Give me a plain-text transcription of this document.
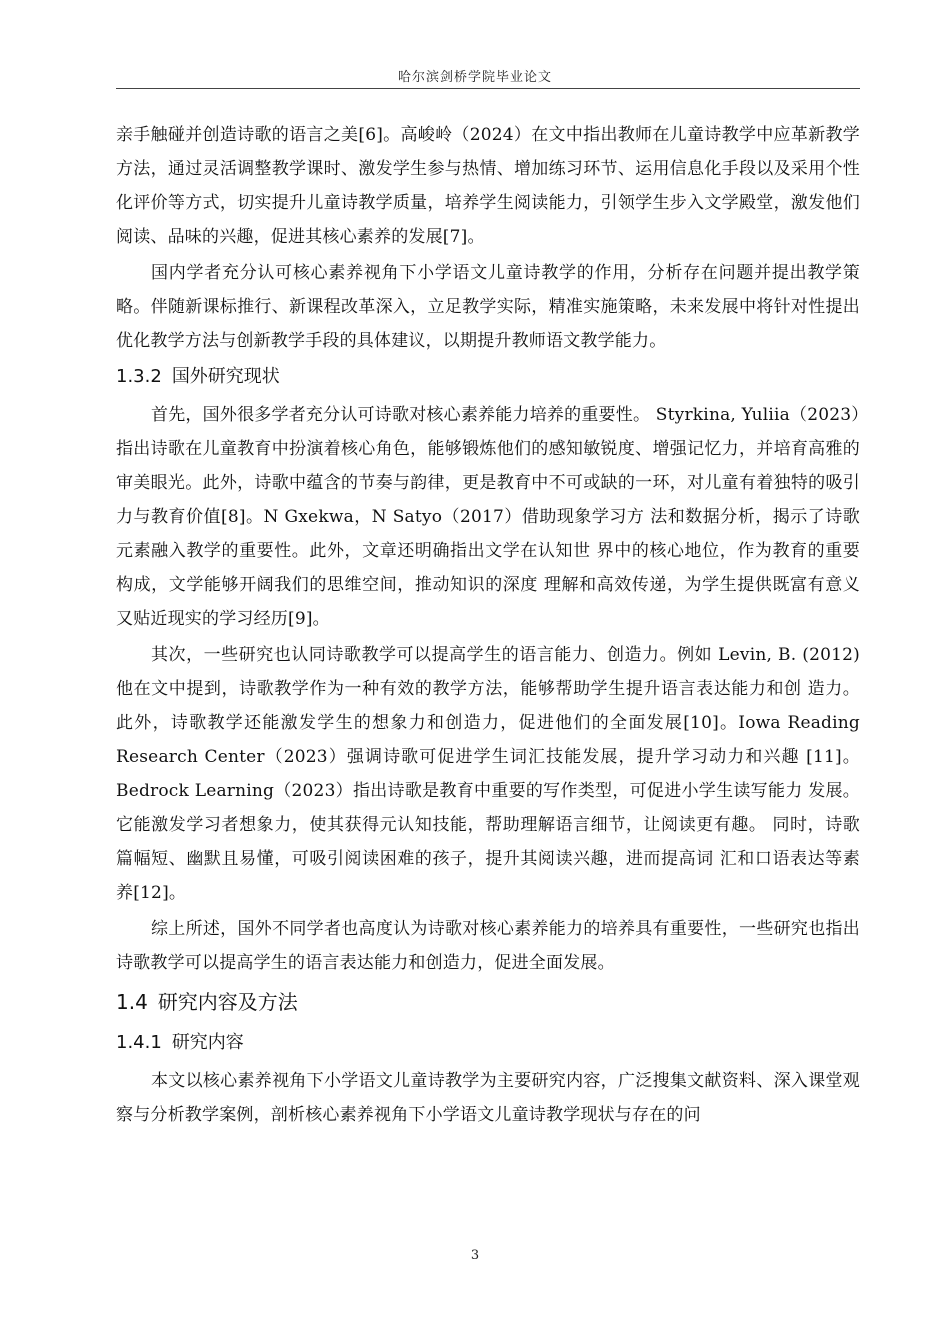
哈尔滨剑桥学院毕业论文

亲手触碰并创造诗歌的语言之美[6]。高峻岭（2024）在文中指出教师在儿童诗教学中应革新教学方法，通过灵活调整教学课时、激发学生参与热情、增加练习环节、运用信息化手段以及采用个性化评价等方式，切实提升儿童诗教学质量，培养学生阅读能力，引领学生步入文学殿堂，激发他们阅读、品味的兴趣，促进其核心素养的发展[7]。

国内学者充分认可核心素养视角下小学语文儿童诗教学的作用，分析存在问题并提出教学策略。伴随新课标推行、新课程改革深入，立足教学实际，精准实施策略，未来发展中将针对性提出优化教学方法与创新教学手段的具体建议，以期提升教师语文教学能力。

1.3.2 国外研究现状

首先，国外很多学者充分认可诗歌对核心素养能力培养的重要性。 Styrkina, Yuliia（2023）指出诗歌在儿童教育中扮演着核心角色，能够锻炼他们的感知敏锐度、增强记忆力，并培育高雅的审美眼光。此外，诗歌中蕴含的节奏与韵律，更是教育中不可或缺的一环，对儿童有着独特的吸引力与教育价值[8]。N Gxekwa，N Satyo（2017）借助现象学习方 法和数据分析，揭示了诗歌元素融入教学的重要性。此外，文章还明确指出文学在认知世 界中的核心地位，作为教育的重要构成，文学能够开阔我们的思维空间，推动知识的深度 理解和高效传递，为学生提供既富有意义又贴近现实的学习经历[9]。

其次，一些研究也认同诗歌教学可以提高学生的语言能力、创造力。例如 Levin, B. (2012) 他在文中提到，诗歌教学作为一种有效的教学方法，能够帮助学生提升语言表达能力和创 造力。此外，诗歌教学还能激发学生的想象力和创造力，促进他们的全面发展[10]。Iowa Reading Research Center（2023）强调诗歌可促进学生词汇技能发展，提升学习动力和兴趣 [11]。Bedrock Learning（2023）指出诗歌是教育中重要的写作类型，可促进小学生读写能力 发展。它能激发学习者想象力，使其获得元认知技能，帮助理解语言细节，让阅读更有趣。 同时，诗歌篇幅短、幽默且易懂，可吸引阅读困难的孩子，提升其阅读兴趣，进而提高词 汇和口语表达等素养[12]。

综上所述，国外不同学者也高度认为诗歌对核心素养能力的培养具有重要性，一些研究也指出诗歌教学可以提高学生的语言表达能力和创造力，促进全面发展。

1.4 研究内容及方法
1.4.1 研究内容

本文以核心素养视角下小学语文儿童诗教学为主要研究内容，广泛搜集文献资料、深入课堂观察与分析教学案例，剖析核心素养视角下小学语文儿童诗教学现状与存在的问

3
